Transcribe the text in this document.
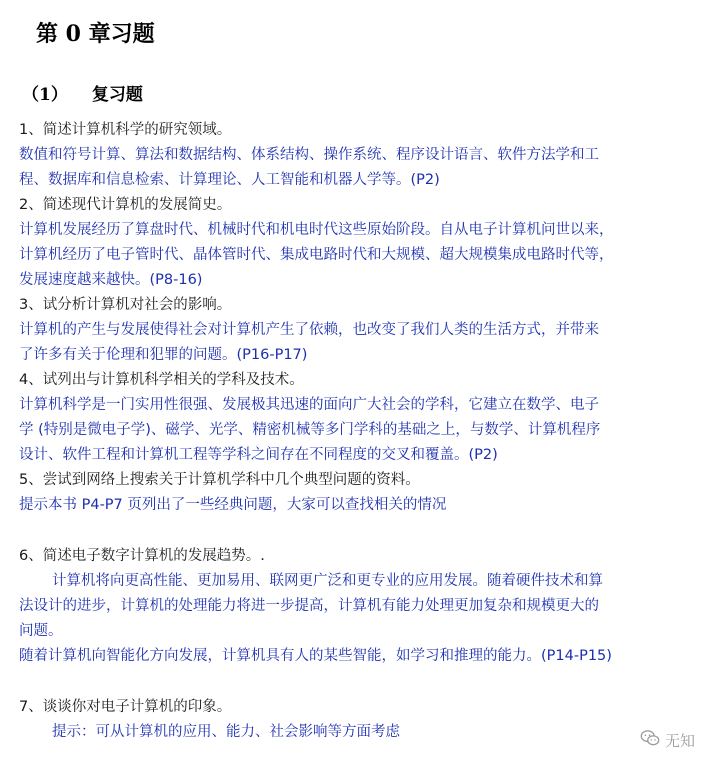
第 0 章习题
（1） 复习题
1、简述计算机科学的研究领域。
数值和符号计算、算法和数据结构、体系结构、操作系统、程序设计语言、软件方法学和工
程、数据库和信息检索、计算理论、人工智能和机器人学等。(P2)
2、简述现代计算机的发展简史。
计算机发展经历了算盘时代、机械时代和机电时代这些原始阶段。自从电子计算机问世以来，
计算机经历了电子管时代、晶体管时代、集成电路时代和大规模、超大规模集成电路时代等，
发展速度越来越快。(P8-16)
3、试分析计算机对社会的影响。
计算机的产生与发展使得社会对计算机产生了依赖，也改变了我们人类的生活方式，并带来
了许多有关于伦理和犯罪的问题。(P16-P17)
4、试列出与计算机科学相关的学科及技术。
计算机科学是一门实用性很强、发展极其迅速的面向广大社会的学科，它建立在数学、电子
学 (特别是微电子学)、磁学、光学、精密机械等多门学科的基础之上，与数学、计算机程序
设计、软件工程和计算机工程等学科之间存在不同程度的交叉和覆盖。(P2)
5、尝试到网络上搜索关于计算机学科中几个典型问题的资料。
提示本书 P4-P7 页列出了一些经典问题，大家可以查找相关的情况
6、简述电子数字计算机的发展趋势。.
计算机将向更高性能、更加易用、联网更广泛和更专业的应用发展。随着硬件技术和算
法设计的进步，计算机的处理能力将进一步提高，计算机有能力处理更加复杂和规模更大的
问题。
随着计算机向智能化方向发展，计算机具有人的某些智能，如学习和推理的能力。(P14-P15)
7、谈谈你对电子计算机的印象。
提示：可从计算机的应用、能力、社会影响等方面考虑	无知
